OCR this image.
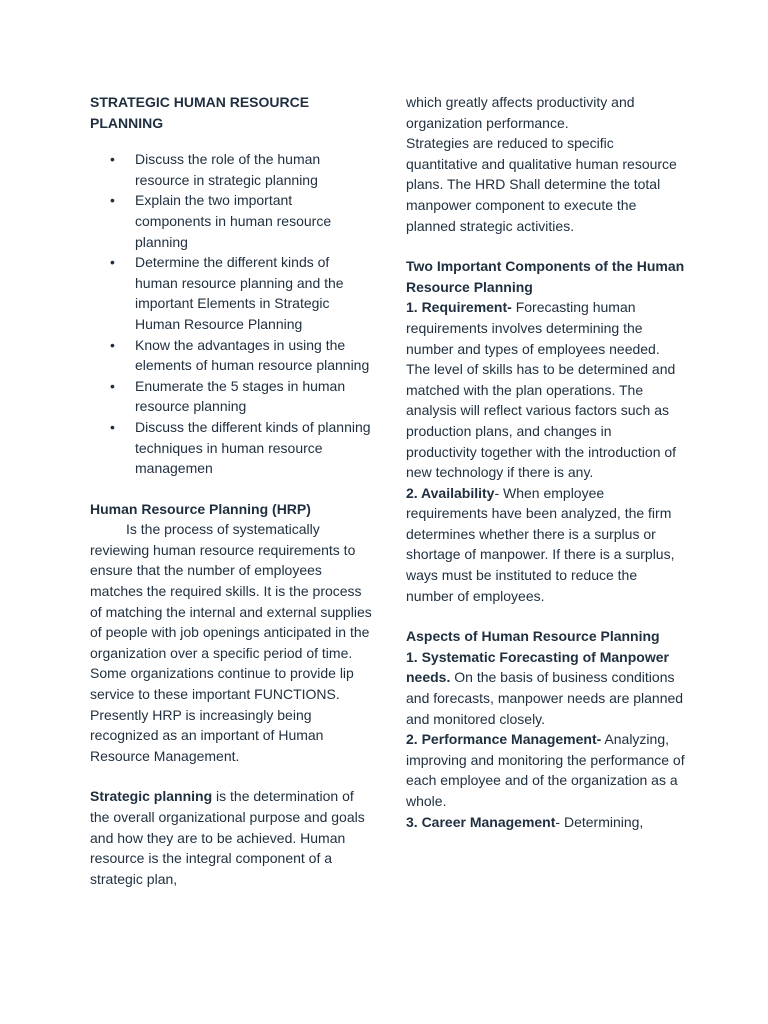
STRATEGIC HUMAN RESOURCE PLANNING

• Discuss the role of the human resource in strategic planning
• Explain the two important components in human resource planning
• Determine the different kinds of human resource planning and the important Elements in Strategic Human Resource Planning
• Know the advantages in using the elements of human resource planning
• Enumerate the 5 stages in human resource planning
• Discuss the different kinds of planning techniques in human resource managemen

Human Resource Planning (HRP)

Is the process of systematically reviewing human resource requirements to ensure that the number of employees matches the required skills. It is the process of matching the internal and external supplies of people with job openings anticipated in the organization over a specific period of time. Some organizations continue to provide lip service to these important FUNCTIONS. Presently HRP is increasingly being recognized as an important of Human Resource Management.

Strategic planning is the determination of the overall organizational purpose and goals and how they are to be achieved. Human resource is the integral component of a strategic plan,

which greatly affects productivity and organization performance.

Strategies are reduced to specific quantitative and qualitative human resource plans. The HRD Shall determine the total manpower component to execute the planned strategic activities.

Two Important Components of the Human Resource Planning

1. Requirement- Forecasting human requirements involves determining the number and types of employees needed. The level of skills has to be determined and matched with the plan operations. The analysis will reflect various factors such as production plans, and changes in productivity together with the introduction of new technology if there is any.

2. Availability- When employee requirements have been analyzed, the firm determines whether there is a surplus or shortage of manpower. If there is a surplus, ways must be instituted to reduce the number of employees.

Aspects of Human Resource Planning

1. Systematic Forecasting of Manpower needs. On the basis of business conditions and forecasts, manpower needs are planned and monitored closely.

2. Performance Management- Analyzing, improving and monitoring the performance of each employee and of the organization as a whole.

3. Career Management- Determining,
